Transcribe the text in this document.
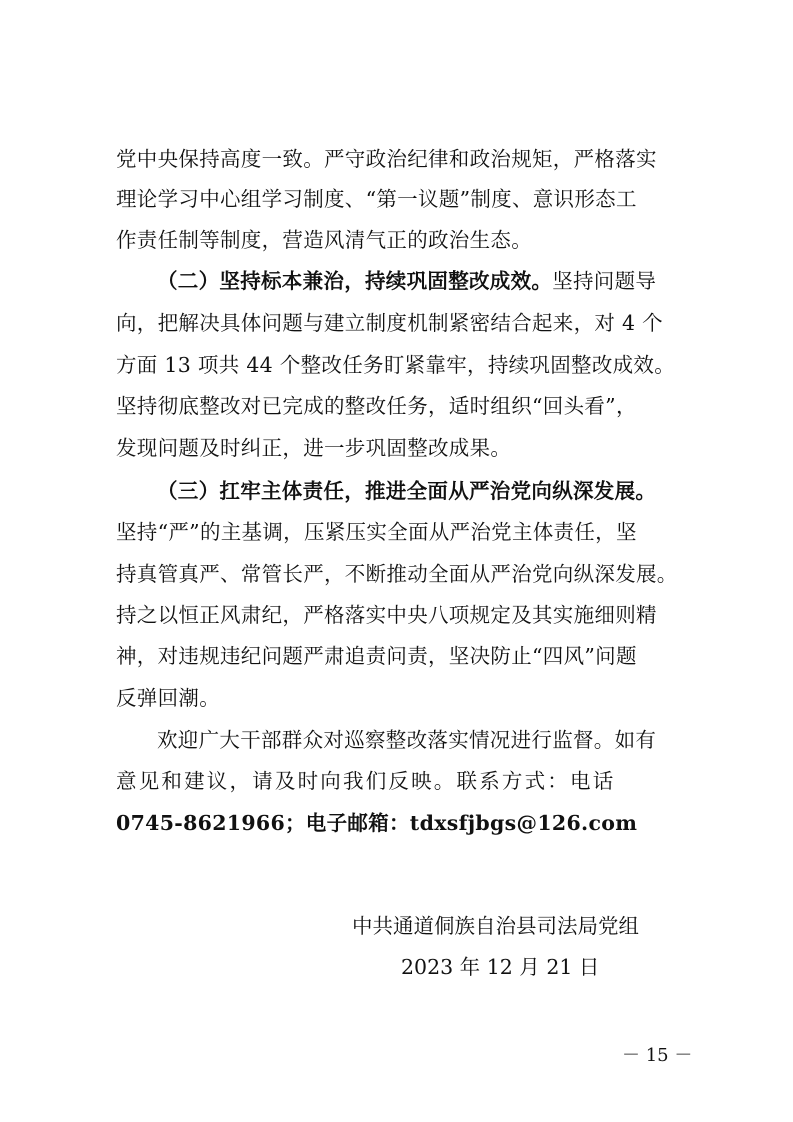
党中央保持高度一致。严守政治纪律和政治规矩，严格落实
理论学习中心组学习制度、“第一议题”制度、意识形态工
作责任制等制度，营造风清气正的政治生态。
（二）坚持标本兼治，持续巩固整改成效。坚持问题导
向，把解决具体问题与建立制度机制紧密结合起来，对 4 个
方面 13 项共 44 个整改任务盯紧靠牢，持续巩固整改成效。
坚持彻底整改对已完成的整改任务，适时组织“回头看”，
发现问题及时纠正，进一步巩固整改成果。
（三）扛牢主体责任，推进全面从严治党向纵深发展。
坚持“严”的主基调，压紧压实全面从严治党主体责任，坚
持真管真严、常管长严，不断推动全面从严治党向纵深发展。
持之以恒正风肃纪，严格落实中央八项规定及其实施细则精
神，对违规违纪问题严肃追责问责，坚决防止“四风”问题
反弹回潮。
欢迎广大干部群众对巡察整改落实情况进行监督。如有
意见和建议，请及时向我们反映。联系方式：电话
0745-8621966；电子邮箱：tdxsfjbgs@126.com
中共通道侗族自治县司法局党组
2023 年 12 月 21 日
－ 15 －
